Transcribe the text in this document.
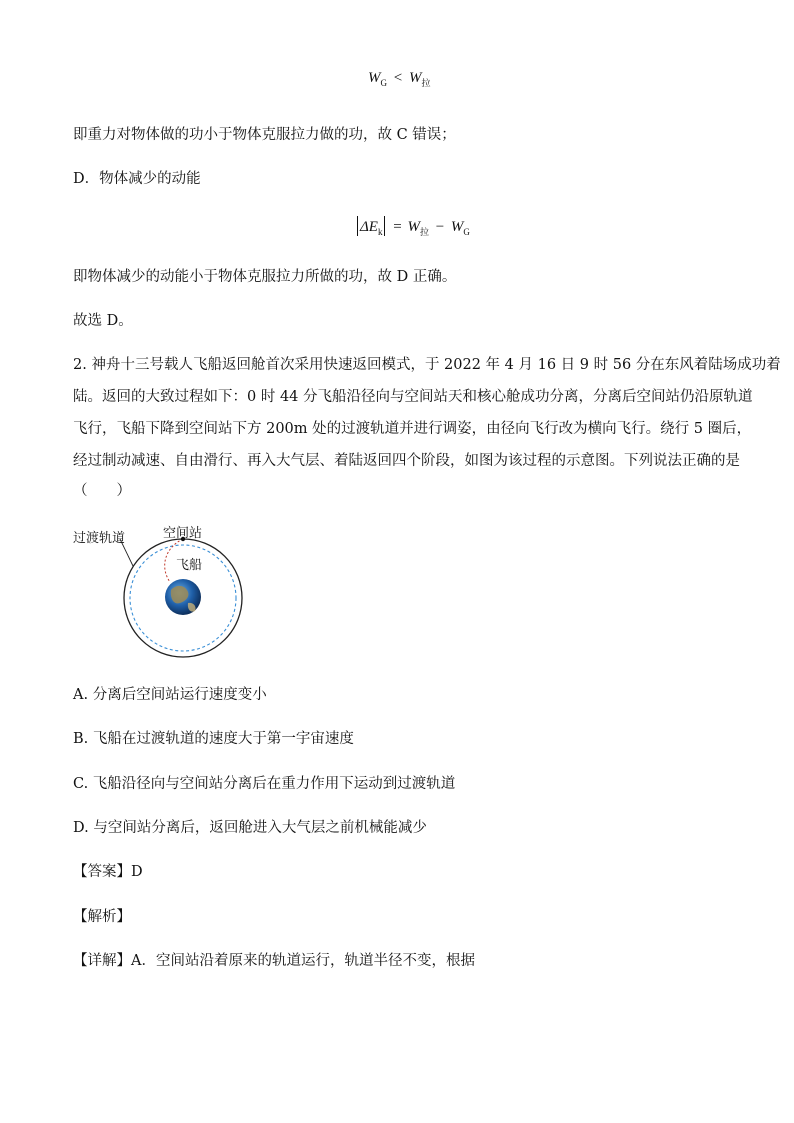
$W_G < W_拉$
即重力对物体做的功小于物体克服拉力做的功，故 C 错误；
D．物体减少的动能
$\Delta E_k = W_拉 - W_G$
即物体减少的动能小于物体克服拉力所做的功，故 D 正确。
故选 D。
2. 神舟十三号载人飞船返回舱首次采用快速返回模式，于 2022 年 4 月 16 日 9 时 56 分在东风着陆场成功着
陆。返回的大致过程如下：0 时 44 分飞船沿径向与空间站天和核心舱成功分离，分离后空间站仍沿原轨道
飞行，飞船下降到空间站下方 200m 处的过渡轨道并进行调姿，由径向飞行改为横向飞行。绕行 5 圈后，
经过制动减速、自由滑行、再入大气层、着陆返回四个阶段，如图为该过程的示意图。下列说法正确的是
（　　）
过渡轨道	空间站
飞船
A. 分离后空间站运行速度变小
B. 飞船在过渡轨道的速度大于第一宇宙速度
C. 飞船沿径向与空间站分离后在重力作用下运动到过渡轨道
D. 与空间站分离后，返回舱进入大气层之前机械能减少
【答案】D
【解析】
【详解】A．空间站沿着原来的轨道运行，轨道半径不变，根据
